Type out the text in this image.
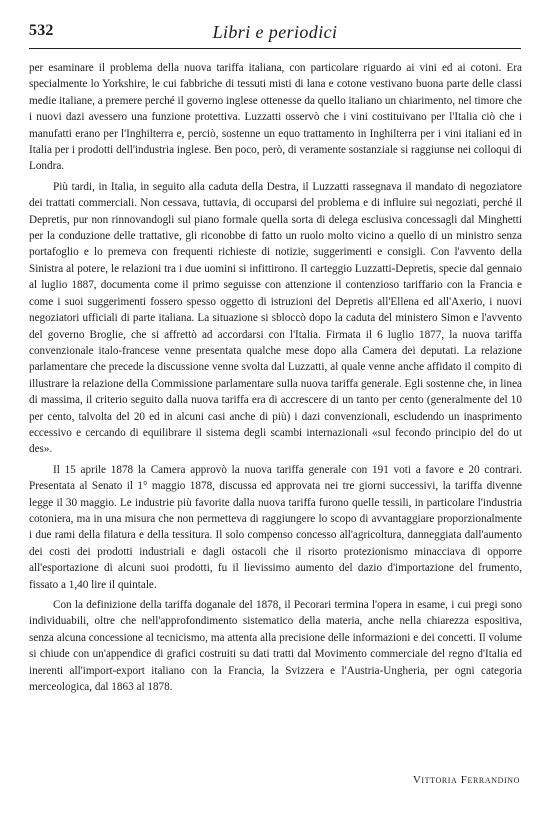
532	Libri e periodici

per esaminare il problema della nuova tariffa italiana, con particolare riguardo ai vini ed ai cotoni. Era specialmente lo Yorkshire, le cui fabbriche di tessuti misti di lana e cotone vestivano buona parte delle classi medie italiane, a premere perché il governo inglese ottenesse da quello italiano un chiarimento, nel timore che i nuovi dazi avessero una funzione protettiva. Luzzatti osservò che i vini costituivano per l'Italia ciò che i manufatti erano per l'Inghilterra e, perciò, sostenne un equo trattamento in Inghilterra per i vini italiani ed in Italia per i prodotti dell'industria inglese. Ben poco, però, di veramente sostanziale si raggiunse nei colloqui di Londra.

Più tardi, in Italia, in seguito alla caduta della Destra, il Luzzatti rassegnava il mandato di negoziatore dei trattati commerciali. Non cessava, tuttavia, di occuparsi del problema e di influire sui negoziati, perché il Depretis, pur non rinnovandogli sul piano formale quella sorta di delega esclusiva concessagli dal Minghetti per la conduzione delle trattative, gli riconobbe di fatto un ruolo molto vicino a quello di un ministro senza portafoglio e lo premeva con frequenti richieste di notizie, suggerimenti e consigli. Con l'avvento della Sinistra al potere, le relazioni tra i due uomini si infittirono. Il carteggio Luzzatti-Depretis, specie dal gennaio al luglio 1887, documenta come il primo seguisse con attenzione il contenzioso tariffario con la Francia e come i suoi suggerimenti fossero spesso oggetto di istruzioni del Depretis all'Ellena ed all'Axerio, i nuovi negoziatori ufficiali di parte italiana. La situazione si sbloccò dopo la caduta del ministero Simon e l'avvento del governo Broglie, che si affrettò ad accordarsi con l'Italia. Firmata il 6 luglio 1877, la nuova tariffa convenzionale italo-francese venne presentata qualche mese dopo alla Camera dei deputati. La relazione parlamentare che precede la discussione venne svolta dal Luzzatti, al quale venne anche affidato il compito di illustrare la relazione della Commissione parlamentare sulla nuova tariffa generale. Egli sostenne che, in linea di massima, il criterio seguito dalla nuova tariffa era di accrescere di un tanto per cento (generalmente del 10 per cento, talvolta del 20 ed in alcuni casi anche di più) i dazi convenzionali, escludendo un inasprimento eccessivo e cercando di equilibrare il sistema degli scambi internazionali «sul fecondo principio del do ut des».

Il 15 aprile 1878 la Camera approvò la nuova tariffa generale con 191 voti a favore e 20 contrari. Presentata al Senato il 1° maggio 1878, discussa ed approvata nei tre giorni successivi, la tariffa divenne legge il 30 maggio. Le industrie più favorite dalla nuova tariffa furono quelle tessili, in particolare l'industria cotoniera, ma in una misura che non permetteva di raggiungere lo scopo di avvantaggiare proporzionalmente i due rami della filatura e della tessitura. Il solo compenso concesso all'agricoltura, danneggiata dall'aumento dei costi dei prodotti industriali e dagli ostacoli che il risorto protezionismo minacciava di opporre all'esportazione di alcuni suoi prodotti, fu il lievissimo aumento del dazio d'importazione del frumento, fissato a 1,40 lire il quintale.

Con la definizione della tariffa doganale del 1878, il Pecorari termina l'opera in esame, i cui pregi sono individuabili, oltre che nell'approfondimento sistematico della materia, anche nella chiarezza espositiva, senza alcuna concessione al tecnicismo, ma attenta alla precisione delle informazioni e dei concetti. Il volume si chiude con un'appendice di grafici costruiti su dati tratti dal Movimento commerciale del regno d'Italia ed inerenti all'import-export italiano con la Francia, la Svizzera e l'Austria-Ungheria, per ogni categoria merceologica, dal 1863 al 1878.

Vittoria Ferrandino
